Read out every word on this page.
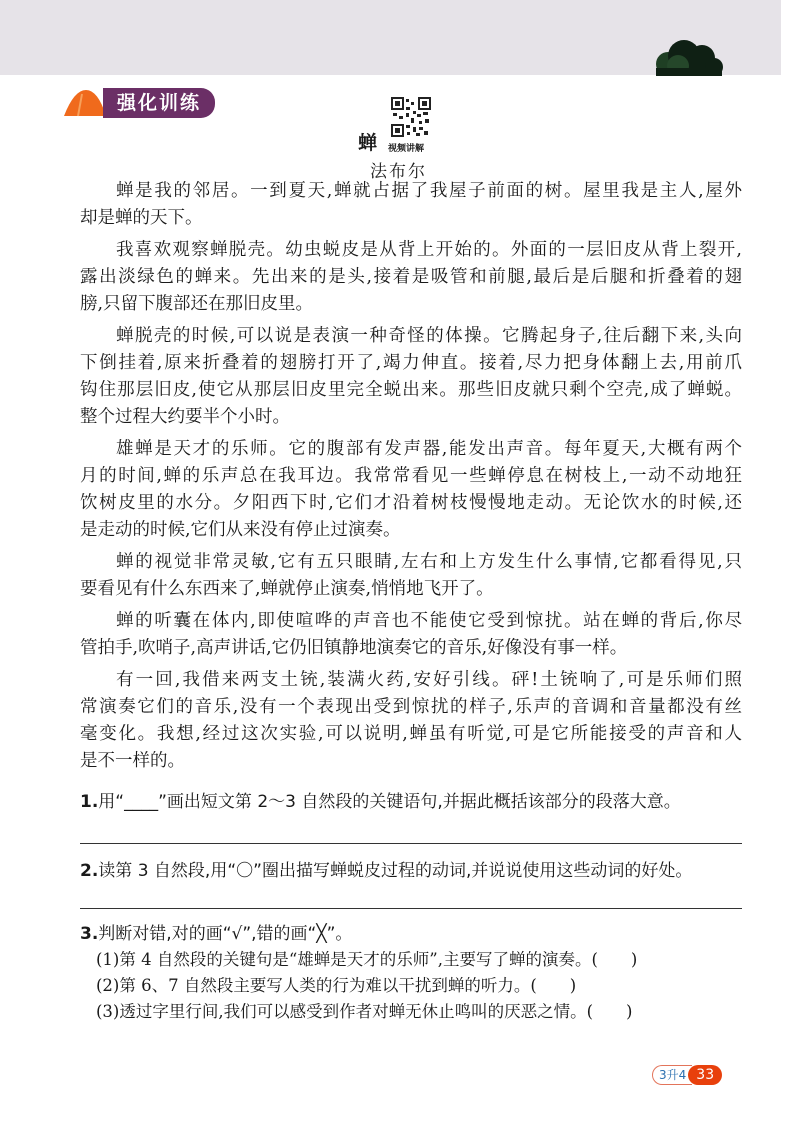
强化训练
蝉 视频讲解
法布尔
蝉是我的邻居。一到夏天,蝉就占据了我屋子前面的树。屋里我是主人,屋外
却是蝉的天下。
我喜欢观察蝉脱壳。幼虫蜕皮是从背上开始的。外面的一层旧皮从背上裂开,
露出淡绿色的蝉来。先出来的是头,接着是吸管和前腿,最后是后腿和折叠着的翅
膀,只留下腹部还在那旧皮里。
蝉脱壳的时候,可以说是表演一种奇怪的体操。它腾起身子,往后翻下来,头向
下倒挂着,原来折叠着的翅膀打开了,竭力伸直。接着,尽力把身体翻上去,用前爪
钩住那层旧皮,使它从那层旧皮里完全蜕出来。那些旧皮就只剩个空壳,成了蝉蜕。
整个过程大约要半个小时。
雄蝉是天才的乐师。它的腹部有发声器,能发出声音。每年夏天,大概有两个
月的时间,蝉的乐声总在我耳边。我常常看见一些蝉停息在树枝上,一动不动地狂
饮树皮里的水分。夕阳西下时,它们才沿着树枝慢慢地走动。无论饮水的时候,还
是走动的时候,它们从来没有停止过演奏。
蝉的视觉非常灵敏,它有五只眼睛,左右和上方发生什么事情,它都看得见,只
要看见有什么东西来了,蝉就停止演奏,悄悄地飞开了。
蝉的听囊在体内,即使喧哗的声音也不能使它受到惊扰。站在蝉的背后,你尽
管拍手,吹哨子,高声讲话,它仍旧镇静地演奏它的音乐,好像没有事一样。
有一回,我借来两支土铳,装满火药,安好引线。砰!土铳响了,可是乐师们照
常演奏它们的音乐,没有一个表现出受到惊扰的样子,乐声的音调和音量都没有丝
毫变化。我想,经过这次实验,可以说明,蝉虽有听觉,可是它所能接受的声音和人
是不一样的。
1.用“____”画出短文第 2～3 自然段的关键语句,并据此概括该部分的段落大意。
2.读第 3 自然段,用“〇”圈出描写蝉蜕皮过程的动词,并说说使用这些动词的好处。
3.判断对错,对的画“√”,错的画“╳”。
(1)第 4 自然段的关键句是“雄蝉是天才的乐师”,主要写了蝉的演奏。(　　)
(2)第 6、7 自然段主要写人类的行为难以干扰到蝉的听力。(　　)
(3)透过字里行间,我们可以感受到作者对蝉无休止鸣叫的厌恶之情。(　　)
3升4 33
